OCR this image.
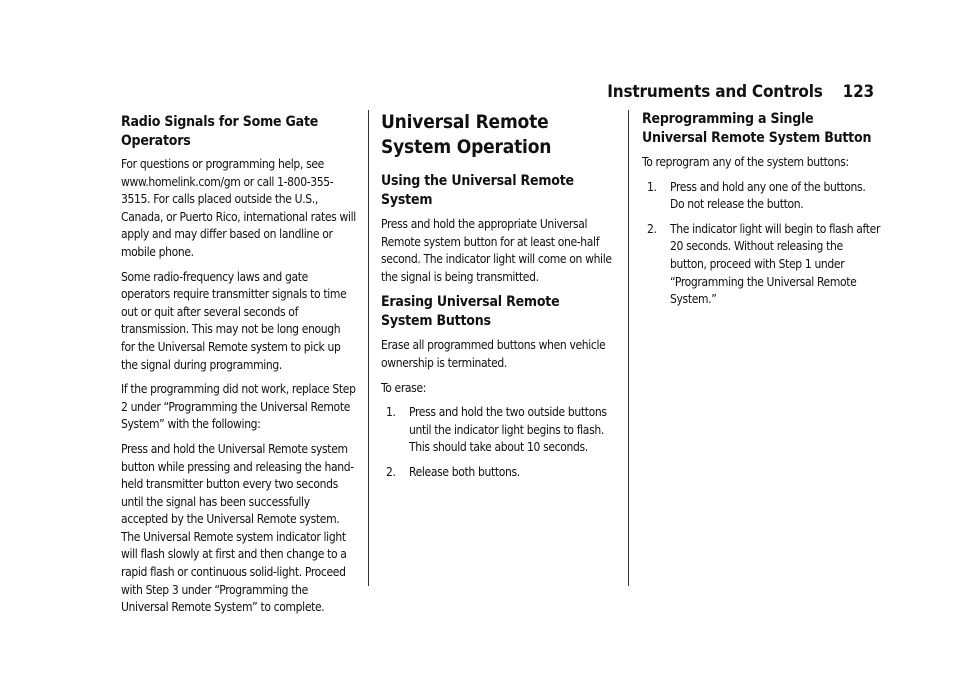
Instruments and Controls 123
Radio Signals for Some Gate Operators

For questions or programming help, see www.homelink.com/gm or call 1-800-355-3515. For calls placed outside the U.S., Canada, or Puerto Rico, international rates will apply and may differ based on landline or mobile phone.

Some radio-frequency laws and gate operators require transmitter signals to time out or quit after several seconds of transmission. This may not be long enough for the Universal Remote system to pick up the signal during programming.

If the programming did not work, replace Step 2 under “Programming the Universal Remote System” with the following:

Press and hold the Universal Remote system button while pressing and releasing the hand-held transmitter button every two seconds until the signal has been successfully accepted by the Universal Remote system. The Universal Remote system indicator light will flash slowly at first and then change to a rapid flash or continuous solid-light. Proceed with Step 3 under “Programming the Universal Remote System” to complete.

Universal Remote System Operation
Using the Universal Remote System

Press and hold the appropriate Universal Remote system button for at least one-half second. The indicator light will come on while the signal is being transmitted.

Erasing Universal Remote System Buttons

Erase all programmed buttons when vehicle ownership is terminated.

To erase:

1. Press and hold the two outside buttons until the indicator light begins to flash. This should take about 10 seconds.
2. Release both buttons.
Reprogramming a Single Universal Remote System Button

To reprogram any of the system buttons:

1. Press and hold any one of the buttons. Do not release the button.
2. The indicator light will begin to flash after 20 seconds. Without releasing the button, proceed with Step 1 under “Programming the Universal Remote System.”
